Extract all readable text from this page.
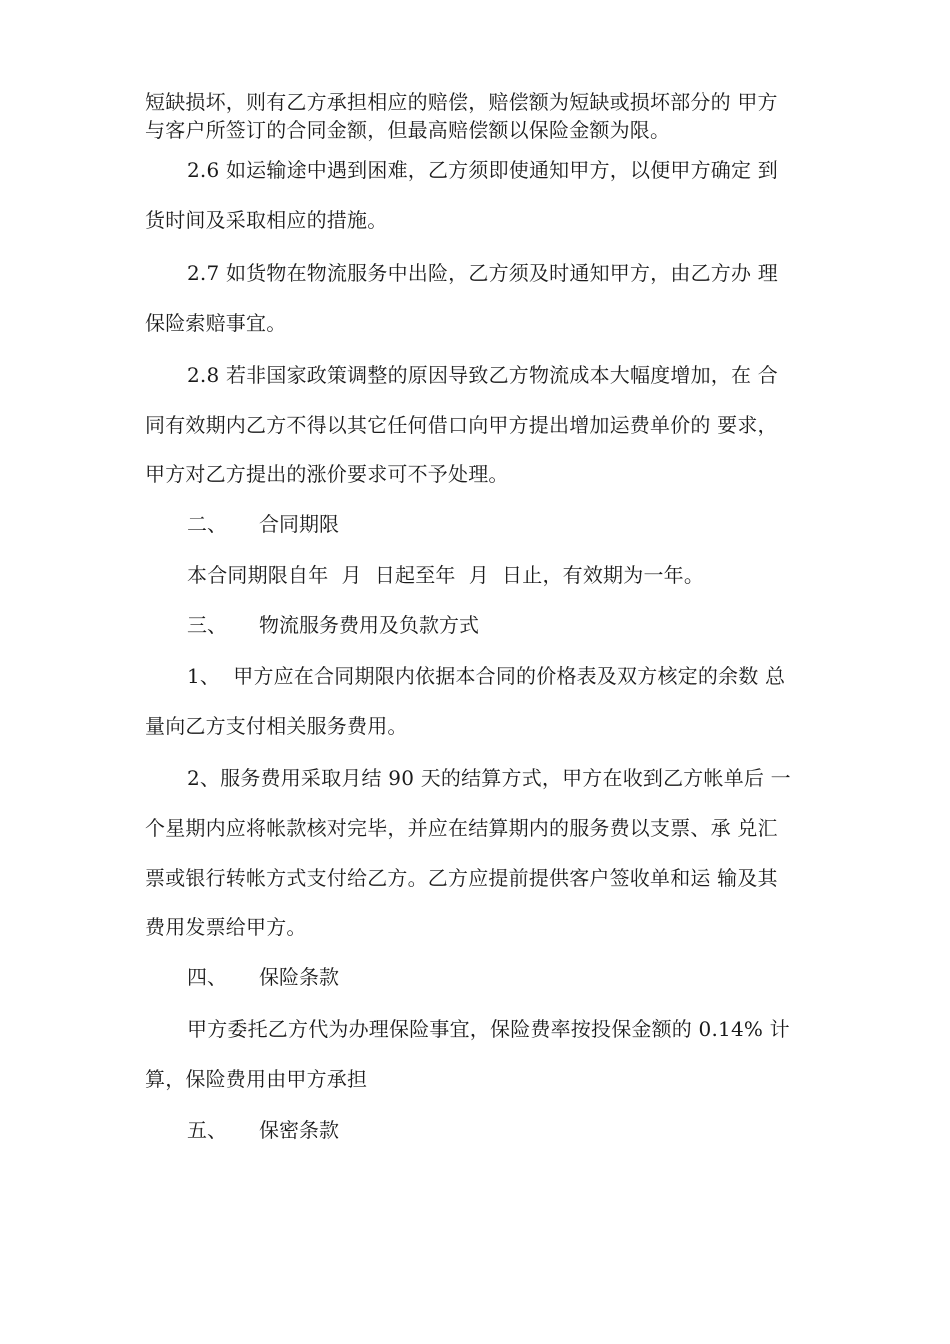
短缺损坏，则有乙方承担相应的赔偿，赔偿额为短缺或损坏部分的 甲方
与客户所签订的合同金额，但最高赔偿额以保险金额为限。
2.6 如运输途中遇到困难，乙方须即使通知甲方，以便甲方确定 到
货时间及采取相应的措施。
2.7 如货物在物流服务中出险，乙方须及时通知甲方，由乙方办 理
保险索赔事宜。
2.8 若非国家政策调整的原因导致乙方物流成本大幅度增加，在 合
同有效期内乙方不得以其它任何借口向甲方提出增加运费单价的 要求，
甲方对乙方提出的涨价要求可不予处理。
二、 合同期限
本合同期限自年  月  日起至年  月  日止，有效期为一年。
三、 物流服务费用及负款方式
1、  甲方应在合同期限内依据本合同的价格表及双方核定的余数 总
量向乙方支付相关服务费用。
2、服务费用采取月结 90 天的结算方式，甲方在收到乙方帐单后 一
个星期内应将帐款核对完毕，并应在结算期内的服务费以支票、承 兑汇
票或银行转帐方式支付给乙方。乙方应提前提供客户签收单和运 输及其
费用发票给甲方。
四、 保险条款
甲方委托乙方代为办理保险事宜，保险费率按投保金额的 0.14% 计
算，保险费用由甲方承担
五、 保密条款
